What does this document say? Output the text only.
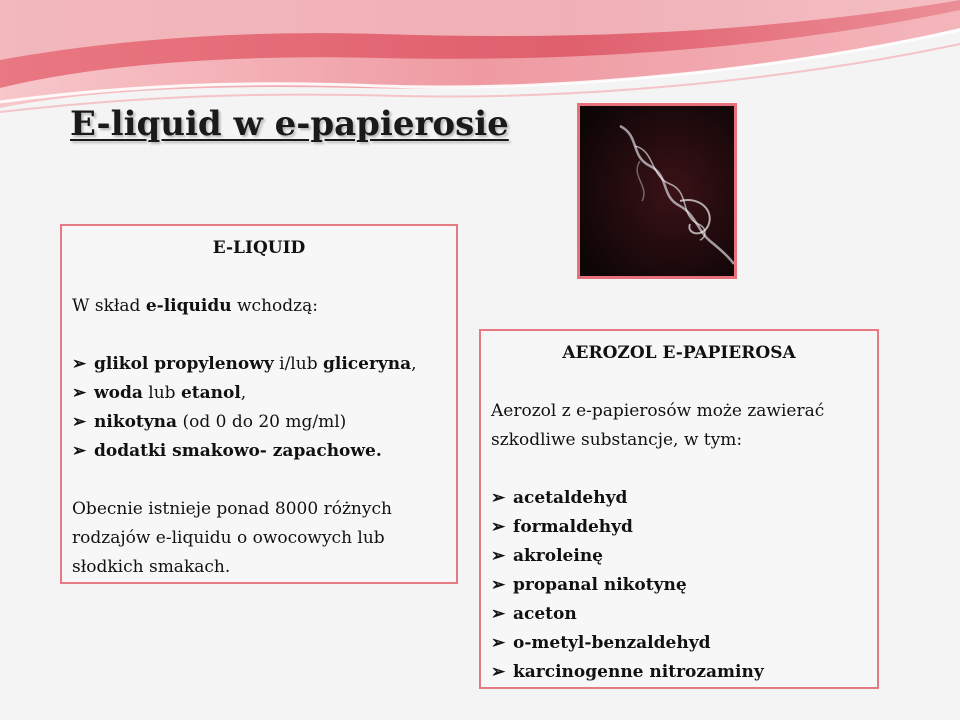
E-liquid w e-papierosie

E-LIQUID

W skład e-liquidu wchodzą:

➢ glikol propylenowy i/lub gliceryna,
➢ woda lub etanol,
➢ nikotyna (od 0 do 20 mg/ml)
➢ dodatki smakowo- zapachowe.

Obecnie istnieje ponad 8000 różnych

rodzajów e-liquidu o owocowych lub

słodkich smakach.

AEROZOL E-PAPIEROSA

Aerozol z e-papierosów może zawierać

szkodliwe substancje, w tym:

➢ acetaldehyd
➢ formaldehyd
➢ akroleinę
➢ propanal nikotynę
➢ aceton
➢ o-metyl-benzaldehyd
➢ karcinogenne nitrozaminy
